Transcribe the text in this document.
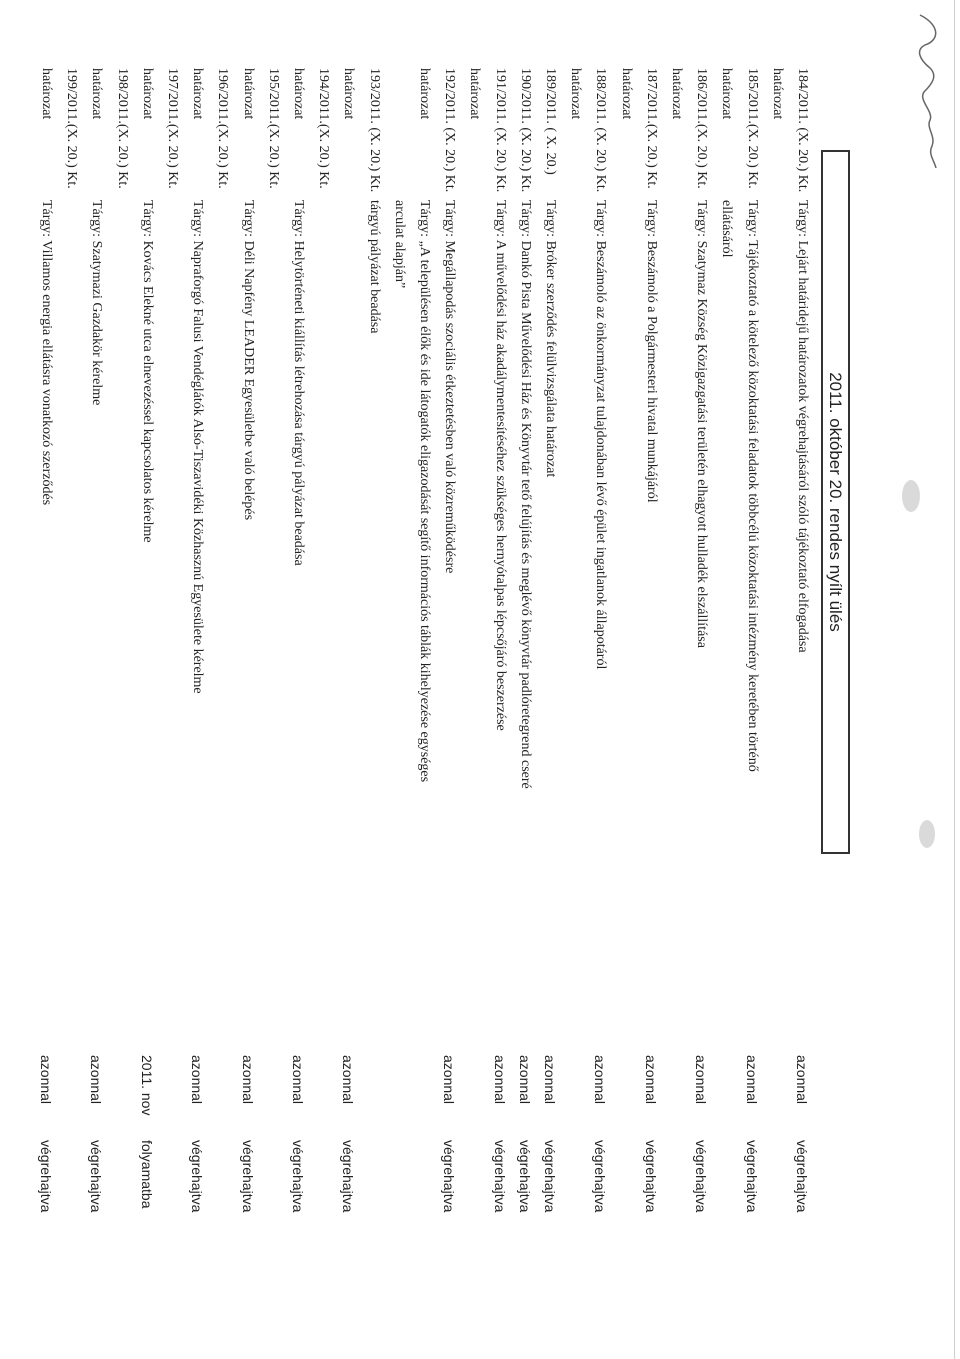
2011. október 20. rendes nyílt ülés
184/2011. (X. 20.) Kt.
Tárgy: Lejárt határidejű határozatok végrehajtásáról szóló tájékoztató elfogadása
azonnal
végrehajtva
határozat
185/2011.(X. 20.) Kt.
Tárgy: Tájékoztató a kötelező közoktatási feladatok többcélú közoktatási intézmény keretében történő
azonnal
végrehajtva
határozat
ellátásáról
186/2011.(X. 20.) Kt.
Tárgy: Szatymaz Község Közigazgatási területén elhagyott hulladék elszállítása
azonnal
végrehajtva
határozat
187/2011.(X. 20.) Kt.
Tárgy: Beszámoló a Polgármesteri hivatal munkájáról
azonnal
végrehajtva
határozat
188/2011. (X. 20.) Kt.
Tárgy: Beszámoló az önkormányzat tulajdonában lévő épület ingatlanok állapotáról
azonnal
végrehajtva
határozat
189/2011. ( X. 20.)
Tárgy: Bróker szerződés felülvizsgálata határozat
azonnal
végrehajtva
190/2011. (X. 20.) Kt.
Tárgy: Dankó Pista Művelődési Ház és Könyvtár tető felújítás és meglévő könyvtár padlóretegrend cseré
azonnal
végrehajtva
191/2011. (X. 20.) Kt.
Tárgy: A művelődési ház akadálymentesítéséhez szükséges hernyótalpas lépcsőjáró beszerzése
azonnal
végrehajtva
határozat
192/2011. (X. 20.) Kt.
Tárgy: Megállapodás szociális étkeztetésben való közreműködésre
azonnal
végrehajtva
határozat
Tárgy: „A településen élők és ide látogatók eligazodását segítő információs táblák kihelyezése egységes
arculat alapján”
193/2011. (X. 20.) Kt.
tárgyú pályázat beadása
határozat
azonnal
végrehajtva
194/2011.(X. 20.) Kt.
határozat
Tárgy: Helytörténeti kiállítás létrehozása tárgyú pályázat beadása
azonnal
végrehajtva
195/2011.(X. 20.) Kt.
határozat
Tárgy: Déli Napfény LEADER Egyesületbe való belépés
azonnal
végrehajtva
196/2011.(X. 20.) Kt.
határozat
Tárgy: Napraforgó Falusi Vendéglátók Alsó-Tiszavidéki Közhasznú Egyesülete kérelme
azonnal
végrehajtva
197/2011.(X. 20.) Kt.
határozat
Tárgy: Kovács Elekné utca elnevezéssel kapcsolatos kérelme
2011. nov
folyamatba
198/2011.(X. 20.) Kt.
határozat
Tárgy: Szatymazi Gazdakör kérelme
azonnal
végrehajtva
199/2011.(X. 20.) Kt.
határozat
Tárgy: Villamos energia ellátásra vonatkozó szerződés
azonnal
végrehajtva
